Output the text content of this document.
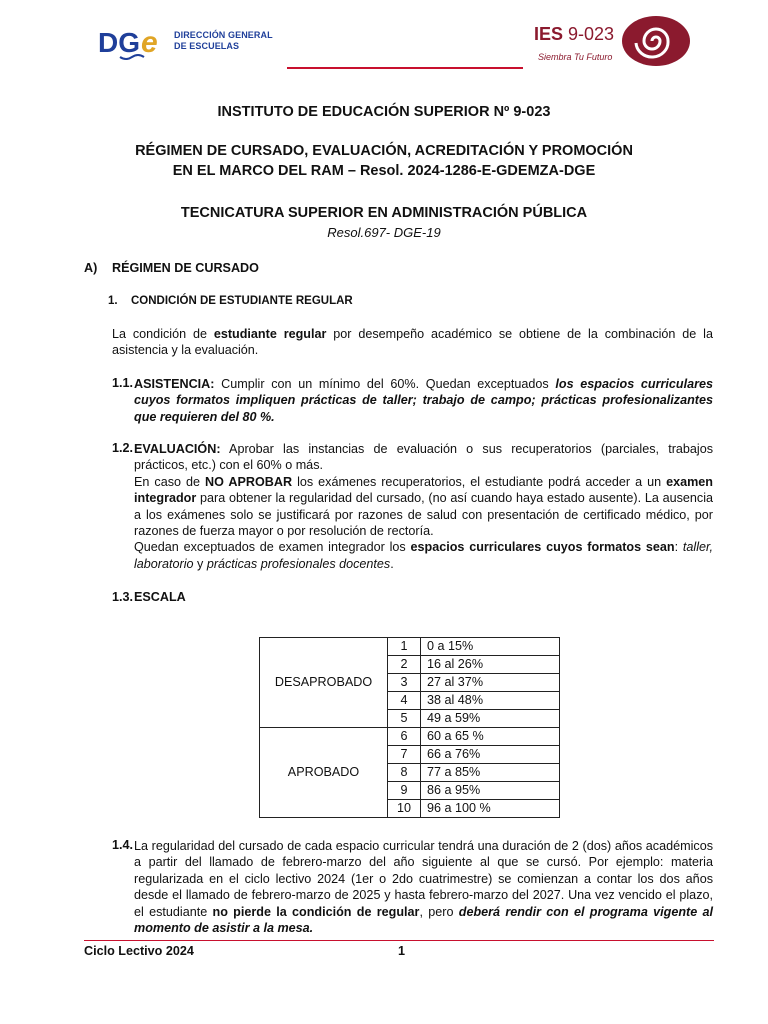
DG e DIRECCIÓN GENERAL
DE ESCUELAS
IES 9-023
Siembra Tu Futuro
INSTITUTO DE EDUCACIÓN SUPERIOR Nº 9-023
RÉGIMEN DE CURSADO, EVALUACIÓN, ACREDITACIÓN Y PROMOCIÓN
EN EL MARCO DEL RAM – Resol. 2024-1286-E-GDEMZA-DGE
TECNICATURA SUPERIOR EN ADMINISTRACIÓN PÚBLICA
Resol.697- DGE-19
A) RÉGIMEN DE CURSADO
1. CONDICIÓN DE ESTUDIANTE REGULAR
La condición de estudiante regular por desempeño académico se obtiene de la combinación de la asistencia y la evaluación.
1.1. ASISTENCIA: Cumplir con un mínimo del 60%. Quedan exceptuados los espacios curriculares cuyos formatos impliquen prácticas de taller; trabajo de campo; prácticas profesionalizantes que requieren del 80 %.
1.2. EVALUACIÓN: Aprobar las instancias de evaluación o sus recuperatorios (parciales, trabajos prácticos, etc.) con el 60% o más.
En caso de NO APROBAR los exámenes recuperatorios, el estudiante podrá acceder a un examen integrador para obtener la regularidad del cursado, (no así cuando haya estado ausente). La ausencia a los exámenes solo se justificará por razones de salud con presentación de certificado médico, por razones de fuerza mayor o por resolución de rectoría.
Quedan exceptuados de examen integrador los espacios curriculares cuyos formatos sean: taller, laboratorio y prácticas profesionales docentes.
1.3. ESCALA
DESAPROBADO	1	0 a 15%
	2	16 al 26%
	3	27 al 37%
	4	38 al 48%
	5	49 a 59%
APROBADO	6	60 a 65 %
	7	66 a 76%
	8	77 a 85%
	9	86 a 95%
	10	96 a 100 %
1.4. La regularidad del cursado de cada espacio curricular tendrá una duración de 2 (dos) años académicos a partir del llamado de febrero-marzo del año siguiente al que se cursó. Por ejemplo: materia regularizada en el ciclo lectivo 2024 (1er o 2do cuatrimestre) se comienzan a contar los dos años desde el llamado de febrero-marzo de 2025 y hasta febrero-marzo del 2027. Una vez vencido el plazo, el estudiante no pierde la condición de regular, pero deberá rendir con el programa vigente al momento de asistir a la mesa.
Ciclo Lectivo 2024	1
